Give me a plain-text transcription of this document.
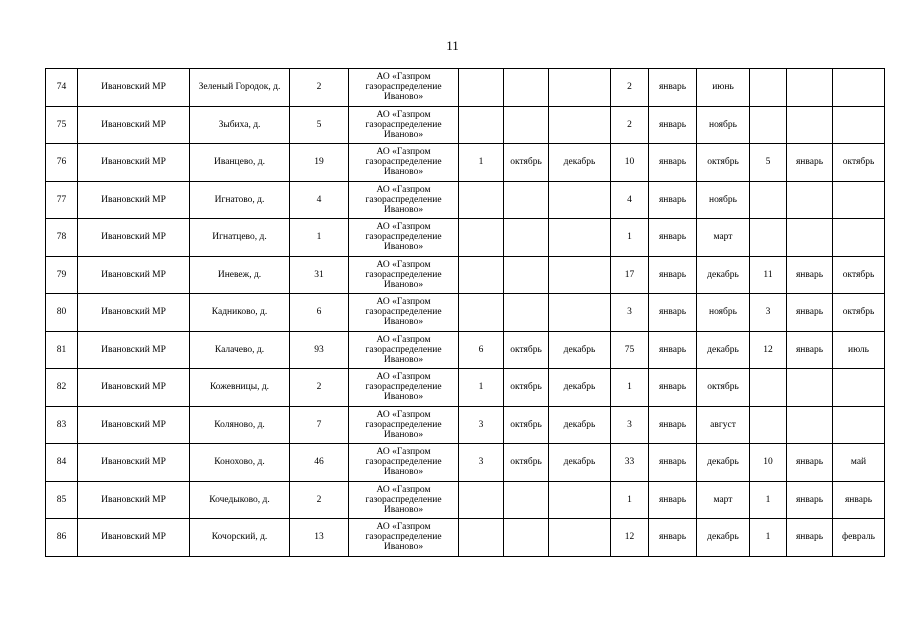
11
74	Ивановский МР	Зеленый Городок, д.	2	АО «Газпром газораспределение Иваново»				2	январь	июнь			
75	Ивановский МР	Зыбиха, д.	5	АО «Газпром газораспределение Иваново»				2	январь	ноябрь			
76	Ивановский МР	Иванцево, д.	19	АО «Газпром газораспределение Иваново»	1	октябрь	декабрь	10	январь	октябрь	5	январь	октябрь
77	Ивановский МР	Игнатово, д.	4	АО «Газпром газораспределение Иваново»				4	январь	ноябрь			
78	Ивановский МР	Игнатцево, д.	1	АО «Газпром газораспределение Иваново»				1	январь	март			
79	Ивановский МР	Иневеж, д.	31	АО «Газпром газораспределение Иваново»				17	январь	декабрь	11	январь	октябрь
80	Ивановский МР	Кадниково, д.	6	АО «Газпром газораспределение Иваново»				3	январь	ноябрь	3	январь	октябрь
81	Ивановский МР	Калачево, д.	93	АО «Газпром газораспределение Иваново»	6	октябрь	декабрь	75	январь	декабрь	12	январь	июль
82	Ивановский МР	Кожевницы, д.	2	АО «Газпром газораспределение Иваново»	1	октябрь	декабрь	1	январь	октябрь			
83	Ивановский МР	Коляново, д.	7	АО «Газпром газораспределение Иваново»	3	октябрь	декабрь	3	январь	август			
84	Ивановский МР	Конохово, д.	46	АО «Газпром газораспределение Иваново»	3	октябрь	декабрь	33	январь	декабрь	10	январь	май
85	Ивановский МР	Кочедыково, д.	2	АО «Газпром газораспределение Иваново»				1	январь	март	1	январь	январь
86	Ивановский МР	Кочорский, д.	13	АО «Газпром газораспределение Иваново»				12	январь	декабрь	1	январь	февраль
